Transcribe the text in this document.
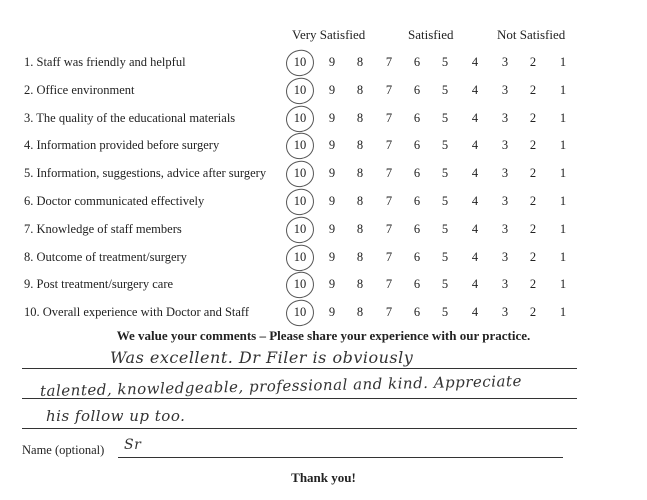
Very Satisfied	Satisfied	Not Satisfied
1. Staff was friendly and helpful	10	9	8	7	6	5	4	3	2	1
2. Office environment	10	9	8	7	6	5	4	3	2	1
3. The quality of the educational materials	10	9	8	7	6	5	4	3	2	1
4. Information provided before surgery	10	9	8	7	6	5	4	3	2	1
5. Information, suggestions, advice after surgery	10	9	8	7	6	5	4	3	2	1
6. Doctor communicated effectively	10	9	8	7	6	5	4	3	2	1
7. Knowledge of staff members	10	9	8	7	6	5	4	3	2	1
8. Outcome of treatment/surgery	10	9	8	7	6	5	4	3	2	1
9. Post treatment/surgery care	10	9	8	7	6	5	4	3	2	1
10. Overall experience with Doctor and Staff	10	9	8	7	6	5	4	3	2	1
We value your comments – Please share your experience with our practice.
Was excellent. Dr Filer is obviously
talented, knowledgeable, professional and kind. Appreciate
his follow up too.
Name (optional) Sr
Thank you!
